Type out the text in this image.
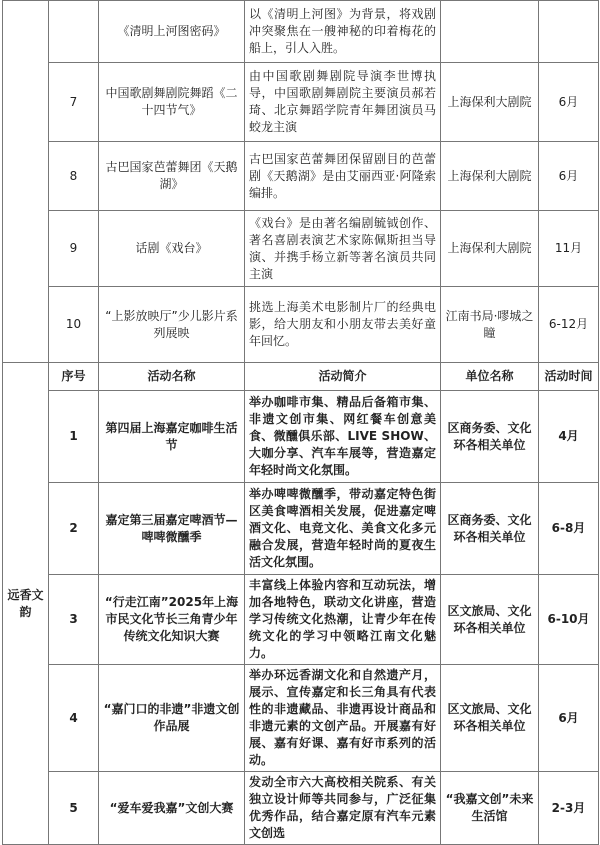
		《清明上河图密码》	以《清明上河图》为背景，将戏剧冲突聚焦在一艘神秘的印着梅花的船上，引人入胜。		
	7	中国歌剧舞剧院舞蹈《二十四节气》	由中国歌剧舞剧院导演李世博执导，中国歌剧舞剧院主要演员郝若琦、北京舞蹈学院青年舞团演员马蛟龙主演	上海保利大剧院	6月
	8	古巴国家芭蕾舞团《天鹅湖》	古巴国家芭蕾舞团保留剧目的芭蕾剧《天鹅湖》是由艾丽西亚·阿隆索编排。	上海保利大剧院	6月
	9	话剧《戏台》	《戏台》是由著名编剧毓钺创作、著名喜剧表演艺术家陈佩斯担当导演、并携手杨立新等著名演员共同主演	上海保利大剧院	11月
	10	“上影放映厅”少儿影片系列展映	挑选上海美术电影制片厂的经典电影，给大朋友和小朋友带去美好童年回忆。	江南书局·嘐城之瞳	6-12月
远香文韵	序号	活动名称	活动简介	单位名称	活动时间
	1	第四届上海嘉定咖啡生活节	举办咖啡市集、精品后备箱市集、非遗文创市集、网红餐车创意美食、微醺俱乐部、LIVE SHOW、大咖分享、汽车车展等，营造嘉定年轻时尚文化氛围。	区商务委、文化环各相关单位	4月
	2	嘉定第三届嘉定啤酒节—啤啤微醺季	举办啤啤微醺季，带动嘉定特色街区美食啤酒相关发展，促进嘉定啤酒文化、电竞文化、美食文化多元融合发展，营造年轻时尚的夏夜生活文化氛围。	区商务委、文化环各相关单位	6-8月
	3	“行走江南”2025年上海市民文化节长三角青少年传统文化知识大赛	丰富线上体验内容和互动玩法，增加各地特色，联动文化讲座，营造学习传统文化热潮，让青少年在传统文化的学习中领略江南文化魅力。	区文旅局、文化环各相关单位	6-10月
	4	“嘉门口的非遗”非遗文创作品展	举办环远香湖文化和自然遗产月，展示、宣传嘉定和长三角具有代表性的非遗藏品、非遗再设计商品和非遗元素的文创产品。开展嘉有好展、嘉有好课、嘉有好市系列的活动。	区文旅局、文化环各相关单位	6月
	5	“爱车爱我嘉”文创大赛	发动全市六大高校相关院系、有关独立设计师等共同参与，广泛征集优秀作品，结合嘉定原有汽车元素文创选	“我嘉文创”未来生活馆	2-3月
